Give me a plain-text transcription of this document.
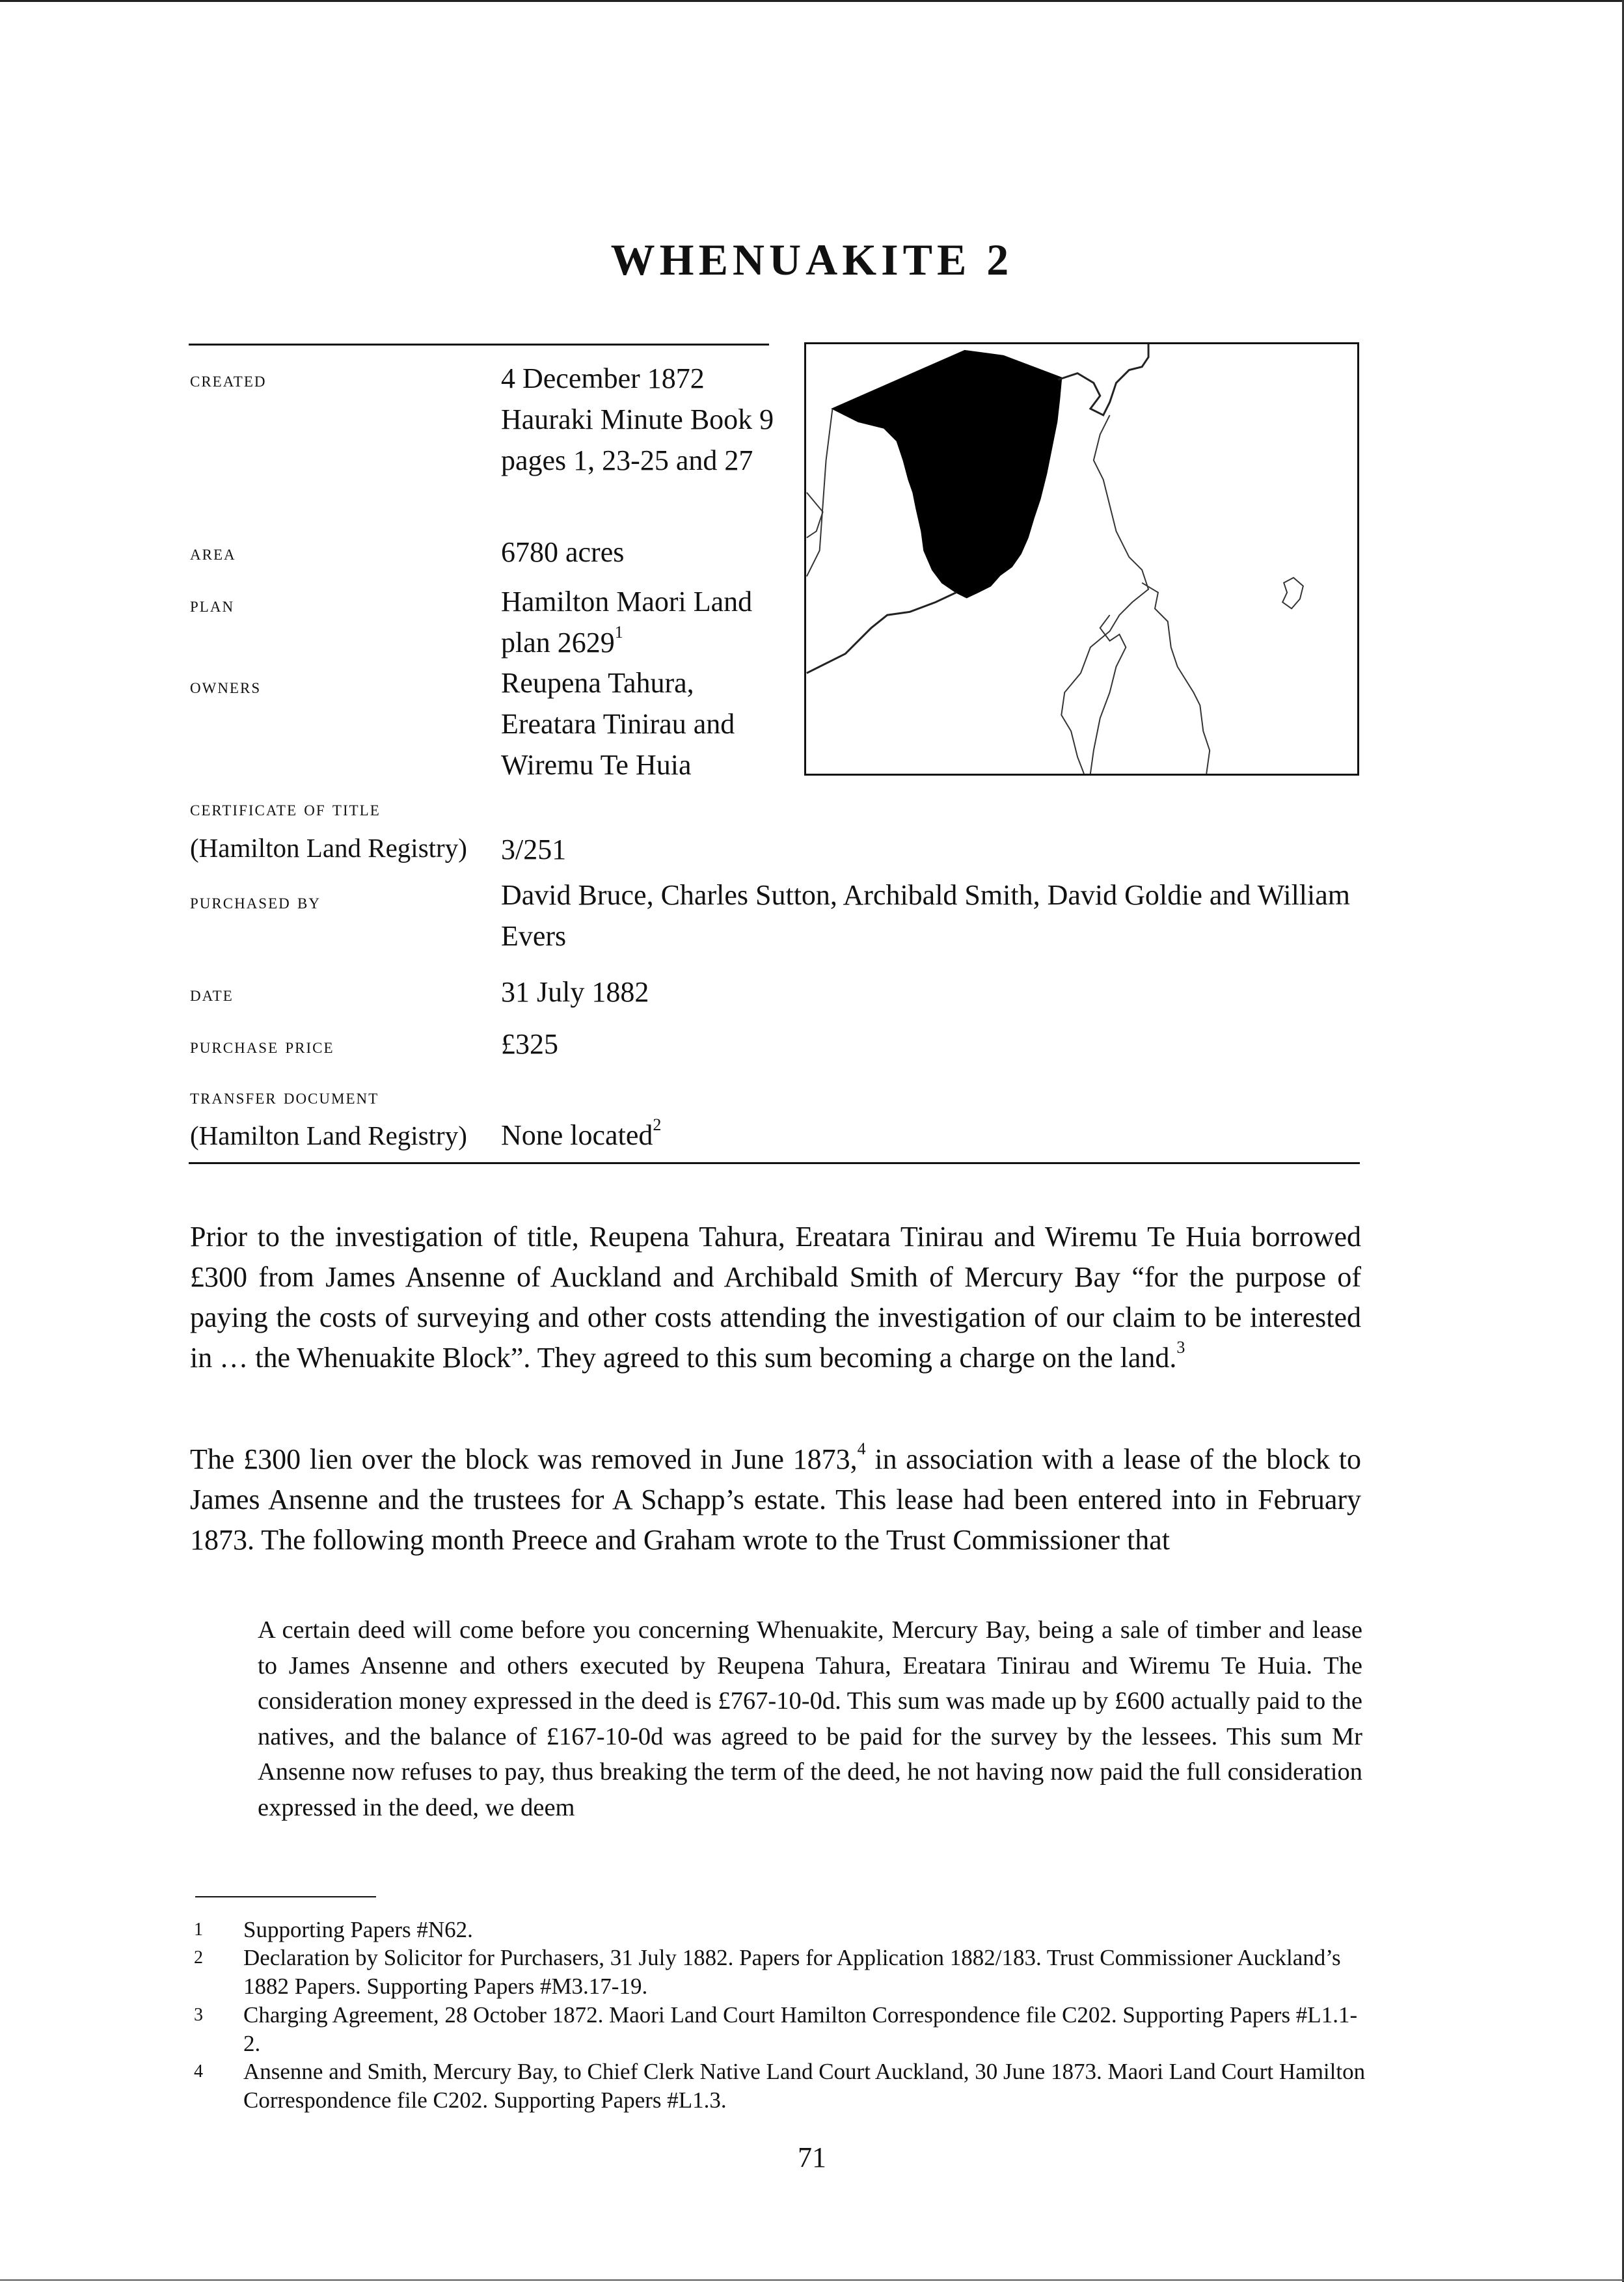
WHENUAKITE 2
created	4 December 1872 Hauraki Minute Book 9 pages 1, 23-25 and 27
area	6780 acres
plan	Hamilton Maori Land plan 2629$^1$
owners	Reupena Tahura, Ereatara Tinirau and Wiremu Te Huia
certificate of title
(Hamilton Land Registry) 3/251
purchased by	David Bruce, Charles Sutton, Archibald Smith, David Goldie and William Evers
date	31 July 1882
purchase price	£325
transfer document
(Hamilton Land Registry) None located$^2$

Prior to the investigation of title, Reupena Tahura, Ereatara Tinirau and Wiremu Te Huia borrowed £300 from James Ansenne of Auckland and Archibald Smith of Mercury Bay “for the purpose of paying the costs of surveying and other costs attending the investigation of our claim to be interested in … the Whenuakite Block”. They agreed to this sum becoming a charge on the land.$^3$

The £300 lien over the block was removed in June 1873,$^4$ in association with a lease of the block to James Ansenne and the trustees for A Schapp’s estate. This lease had been entered into in February 1873. The following month Preece and Graham wrote to the Trust Commissioner that

A certain deed will come before you concerning Whenuakite, Mercury Bay, being a sale of timber and lease to James Ansenne and others executed by Reupena Tahura, Ereatara Tinirau and Wiremu Te Huia. The consideration money expressed in the deed is £767-10-0d. This sum was made up by £600 actually paid to the natives, and the balance of £167-10-0d was agreed to be paid for the survey by the lessees. This sum Mr Ansenne now refuses to pay, thus breaking the term of the deed, he not having now paid the full consideration expressed in the deed, we deem

1 Supporting Papers #N62.
2 Declaration by Solicitor for Purchasers, 31 July 1882. Papers for Application 1882/183. Trust Commissioner Auckland’s 1882 Papers. Supporting Papers #M3.17-19.
3 Charging Agreement, 28 October 1872. Maori Land Court Hamilton Correspondence file C202. Supporting Papers #L1.1-2.
4 Ansenne and Smith, Mercury Bay, to Chief Clerk Native Land Court Auckland, 30 June 1873. Maori Land Court Hamilton Correspondence file C202. Supporting Papers #L1.3.
71
